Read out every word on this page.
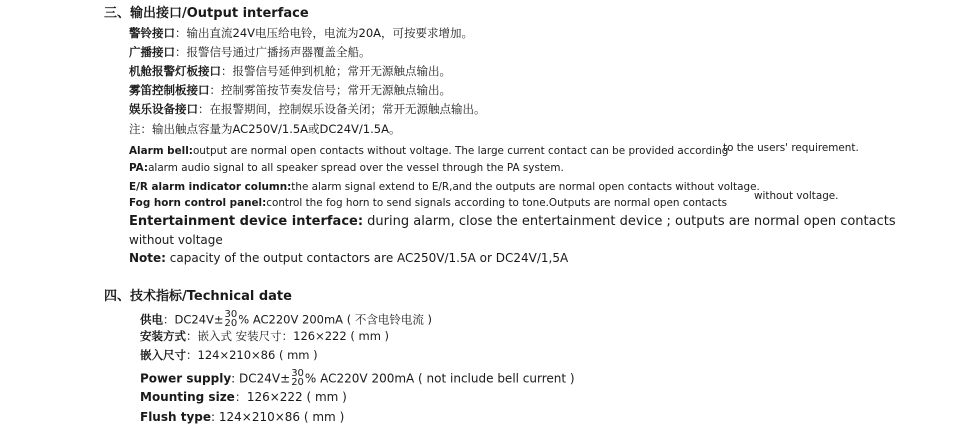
三、输出接口/Output interface
警铃接口：输出直流24V电压给电铃，电流为20A，可按要求增加。
广播接口：报警信号通过广播扬声器覆盖全船。
机舱报警灯板接口：报警信号延伸到机舱；常开无源触点输出。
雾笛控制板接口：控制雾笛按节奏发信号；常开无源触点输出。
娱乐设备接口：在报警期间，控制娱乐设备关闭；常开无源触点输出。
注：输出触点容量为AC250V/1.5A或DC24V/1.5A。
Alarm bell:output are normal open contacts without voltage. The large current contact can be provided according
to the users' requirement.
PA:alarm audio signal to all speaker spread over the vessel through the PA system.
E/R alarm indicator column:the alarm signal extend to E/R,and the outputs are normal open contacts without voltage.
without voltage.
Fog horn control panel:control the fog horn to send signals according to tone.Outputs are normal open contacts
Entertainment device interface: during alarm, close the entertainment device ; outputs are normal open contacts
without voltage
Note: capacity of the output contactors are AC250V/1.5A or DC24V/1,5A
四、技术指标/Technical date
供电：DC24V± 30
20 % AC220V 200mA ( 不含电铃电流 )
安装方式：嵌入式 安装尺寸：126×222 ( mm )
嵌入尺寸：124×210×86 ( mm )
Power supply: DC24V± 30
20 % AC220V 200mA ( not include bell current )
Mounting size：126×222 ( mm )
Flush type: 124×210×86 ( mm )
